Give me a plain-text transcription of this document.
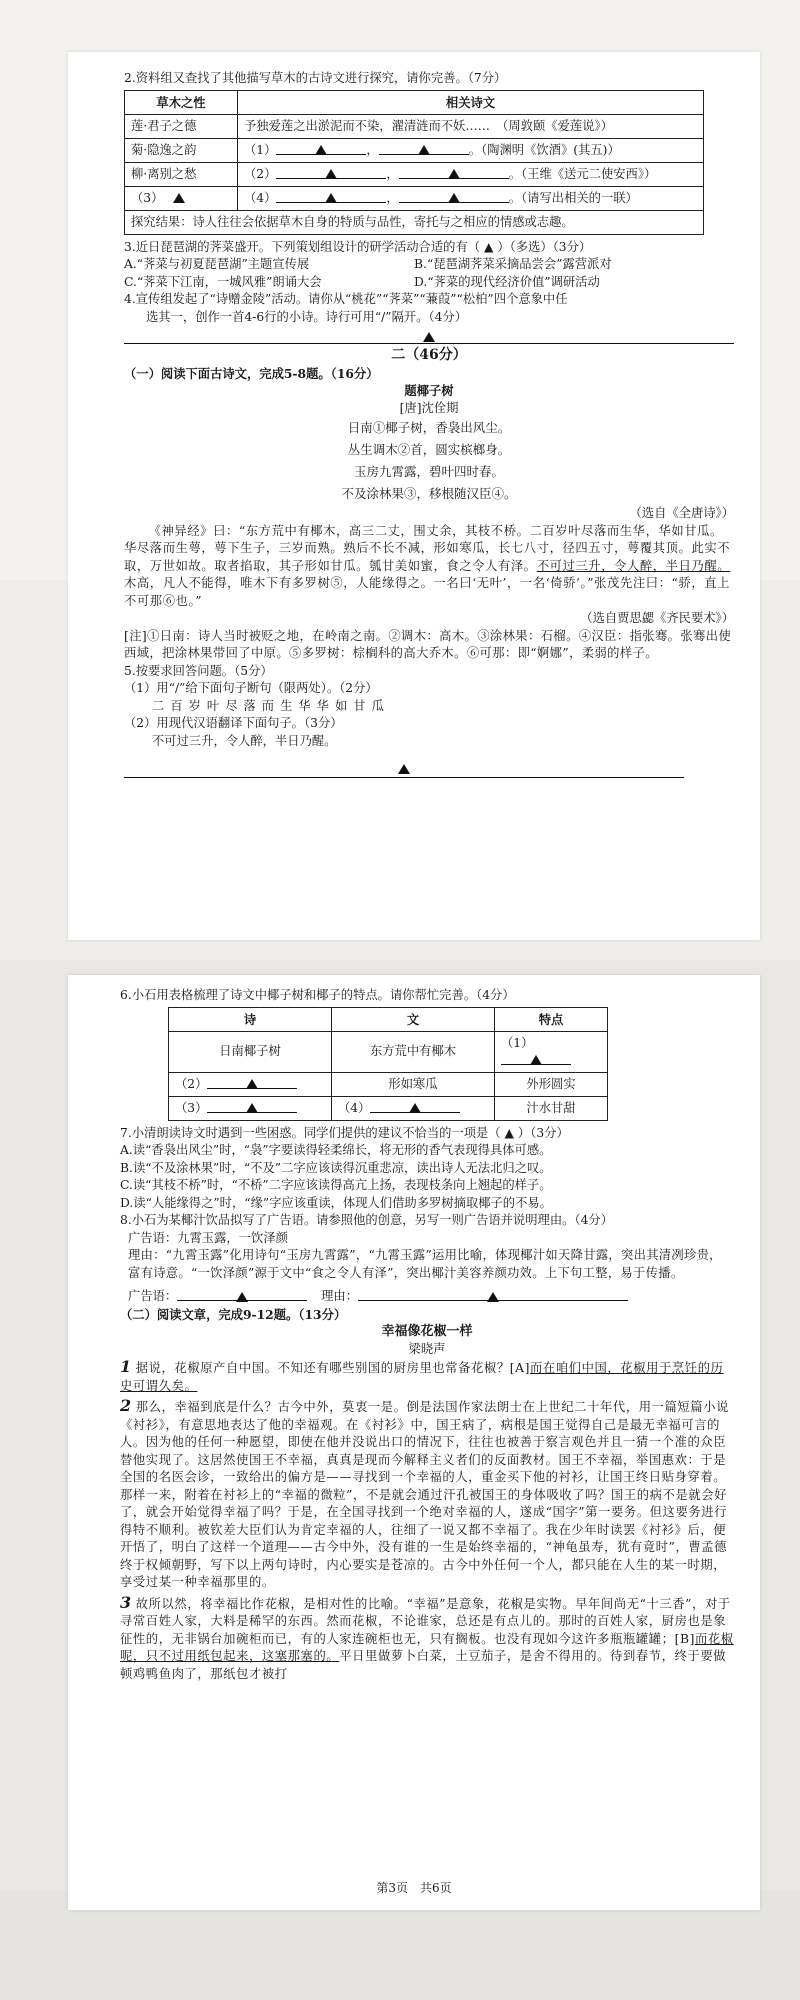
2.资料组又查找了其他描写草木的古诗文进行探究，请你完善。（7分）

草木之性	相关诗文
莲·君子之德	予独爱莲之出淤泥而不染，濯清涟而不妖……　（周敦颐《爱莲说》）
菊·隐逸之韵	（1） ， 。（陶渊明《饮酒》(其五)）
柳·离别之愁	（2） ， 。（王维《送元二使安西》）
（3）	（4） ， 。（请写出相关的一联）
探究结果：诗人往往会依据草木自身的特质与品性，寄托与之相应的情感或志趣。	

3.近日琵琶湖的荠菜盛开。下列策划组设计的研学活动合适的有（ ▲ ）（多选）（3分）

A.“荠菜与初夏琵琶湖”主题宣传展	B.“琵琶湖荠菜采摘品尝会”露营派对

C.“荠菜下江南，一城风雅”朗诵大会	D.“荠菜的现代经济价值”调研活动

4.宣传组发起了“诗赠金陵”活动。请你从“桃花”“荠菜”“蒹葭”“松柏”四个意象中任

选其一，创作一首4-6行的小诗。诗行可用“/”隔开。（4分）

二（46分）

（一）阅读下面古诗文，完成5-8题。（16分）

题椰子树

[唐]沈佺期

日南①椰子树，香袅出风尘。
丛生调木②首，圆实槟榔身。
玉房九霄露，碧叶四时春。
不及涂林果③，移根随汉臣④。

（选自《全唐诗》）

《神异经》曰：“东方荒中有椰木，高三二丈，围丈余，其枝不桥。二百岁叶尽落而生华，华如甘瓜。华尽落而生萼，萼下生子，三岁而熟。熟后不长不减，形如寒瓜，长七八寸，径四五寸，萼覆其顶。此实不取，万世如故。取者掐取，其子形如甘瓜。瓠甘美如蜜，食之令人有泽。不可过三升，令人醉，半日乃醒。木高，凡人不能得，唯木下有多罗树⑤，人能缘得之。一名曰‘无叶’，一名‘倚骄’。”张茂先注曰：“骄，直上不可那⑥也。”

（选自贾思勰《齐民要术》）

[注]①日南：诗人当时被贬之地，在岭南之南。②调木：高木。③涂林果：石榴。④汉臣：指张骞。张骞出使西域，把涂林果带回了中原。⑤多罗树：棕榈科的高大乔木。⑥可那：即“婀娜”，柔弱的样子。

5.按要求回答问题。（5分）

（1）用“/”给下面句子断句（限两处）。（2分）

二百岁叶尽落而生华华如甘瓜

（2）用现代汉语翻译下面句子。（3分）

不可过三升，令人醉，半日乃醒。

6.小石用表格梳理了诗文中椰子树和椰子的特点。请你帮忙完善。（4分）

诗	文	特点
日南椰子树	东方荒中有椰木	（1）
（2）	形如寒瓜	外形圆实
（3）	（4）	汁水甘甜

7.小清朗读诗文时遇到一些困惑。同学们提供的建议不恰当的一项是（ ▲ ）（3分）

A.读“香袅出风尘”时，“袅”字要读得轻柔绵长，将无形的香气表现得具体可感。

B.读“不及涂林果”时，“不及”二字应该读得沉重悲凉，读出诗人无法北归之叹。

C.读“其枝不桥”时，“不桥”二字应该读得高亢上扬，表现枝条向上翘起的样子。

D.读“人能缘得之”时，“缘”字应该重读，体现人们借助多罗树摘取椰子的不易。

8.小石为某椰汁饮品拟写了广告语。请参照他的创意，另写一则广告语并说明理由。（4分）

广告语：九霄玉露，一饮泽颜

理由：“九霄玉露”化用诗句“玉房九霄露”，“九霄玉露”运用比喻，体现椰汁如天降甘露，突出其清冽珍贵，富有诗意。“一饮泽颜”源于文中“食之令人有泽”，突出椰汁美容养颜功效。上下句工整，易于传播。

广告语：	理由：

（二）阅读文章，完成9-12题。（13分）

幸福像花椒一样

梁晓声

1 据说，花椒原产自中国。不知还有哪些别国的厨房里也常备花椒？[A]而在咱们中国，花椒用于烹饪的历史可谓久矣。

2 那么，幸福到底是什么？古今中外，莫衷一是。倒是法国作家法朗士在上世纪二十年代，用一篇短篇小说《衬衫》，有意思地表达了他的幸福观。在《衬衫》中，国王病了，病根是国王觉得自己是最无幸福可言的人。因为他的任何一种愿望，即使在他并没说出口的情况下，往往也被善于察言观色并且一猜一个准的众臣替他实现了。这居然使国王不幸福，真真是现而今解释主义者们的反面教材。国王不幸福，举国惠欢：于是全国的名医会诊，一致给出的偏方是——寻找到一个幸福的人，重金买下他的衬衫，让国王终日贴身穿着。那样一来，附着在衬衫上的“幸福的微粒”，不是就会通过汗孔被国王的身体吸收了吗？国王的病不是就会好了，就会开始觉得幸福了吗？于是，在全国寻找到一个绝对幸福的人，遂成“国字”第一要务。但这要务进行得特不顺利。被钦差大臣们认为肯定幸福的人，往细了一说又都不幸福了。我在少年时读罢《衬衫》后，便开悟了，明白了这样一个道理——古今中外，没有谁的一生是始终幸福的，“神龟虽寿，犹有竟时”，曹孟德终于权倾朝野，写下以上两句诗时，内心要实是苍凉的。古今中外任何一个人，都只能在人生的某一时期，享受过某一种幸福那里的。

3 故所以然，将幸福比作花椒，是相对性的比喻。“幸福”是意象，花椒是实物。早年间尚无“十三香”，对于寻常百姓人家，大料是稀罕的东西。然而花椒，不论谁家，总还是有点儿的。那时的百姓人家，厨房也是象征性的，无非锅台加碗柜而已，有的人家连碗柜也无，只有搁板。也没有现如今这许多瓶瓶罐罐；[B]而花椒呢，只不过用纸包起来，这塞那塞的。平日里做萝卜白菜，土豆茄子，是舍不得用的。待到春节，终于要做顿鸡鸭鱼肉了，那纸包才被打

第3页　共6页
